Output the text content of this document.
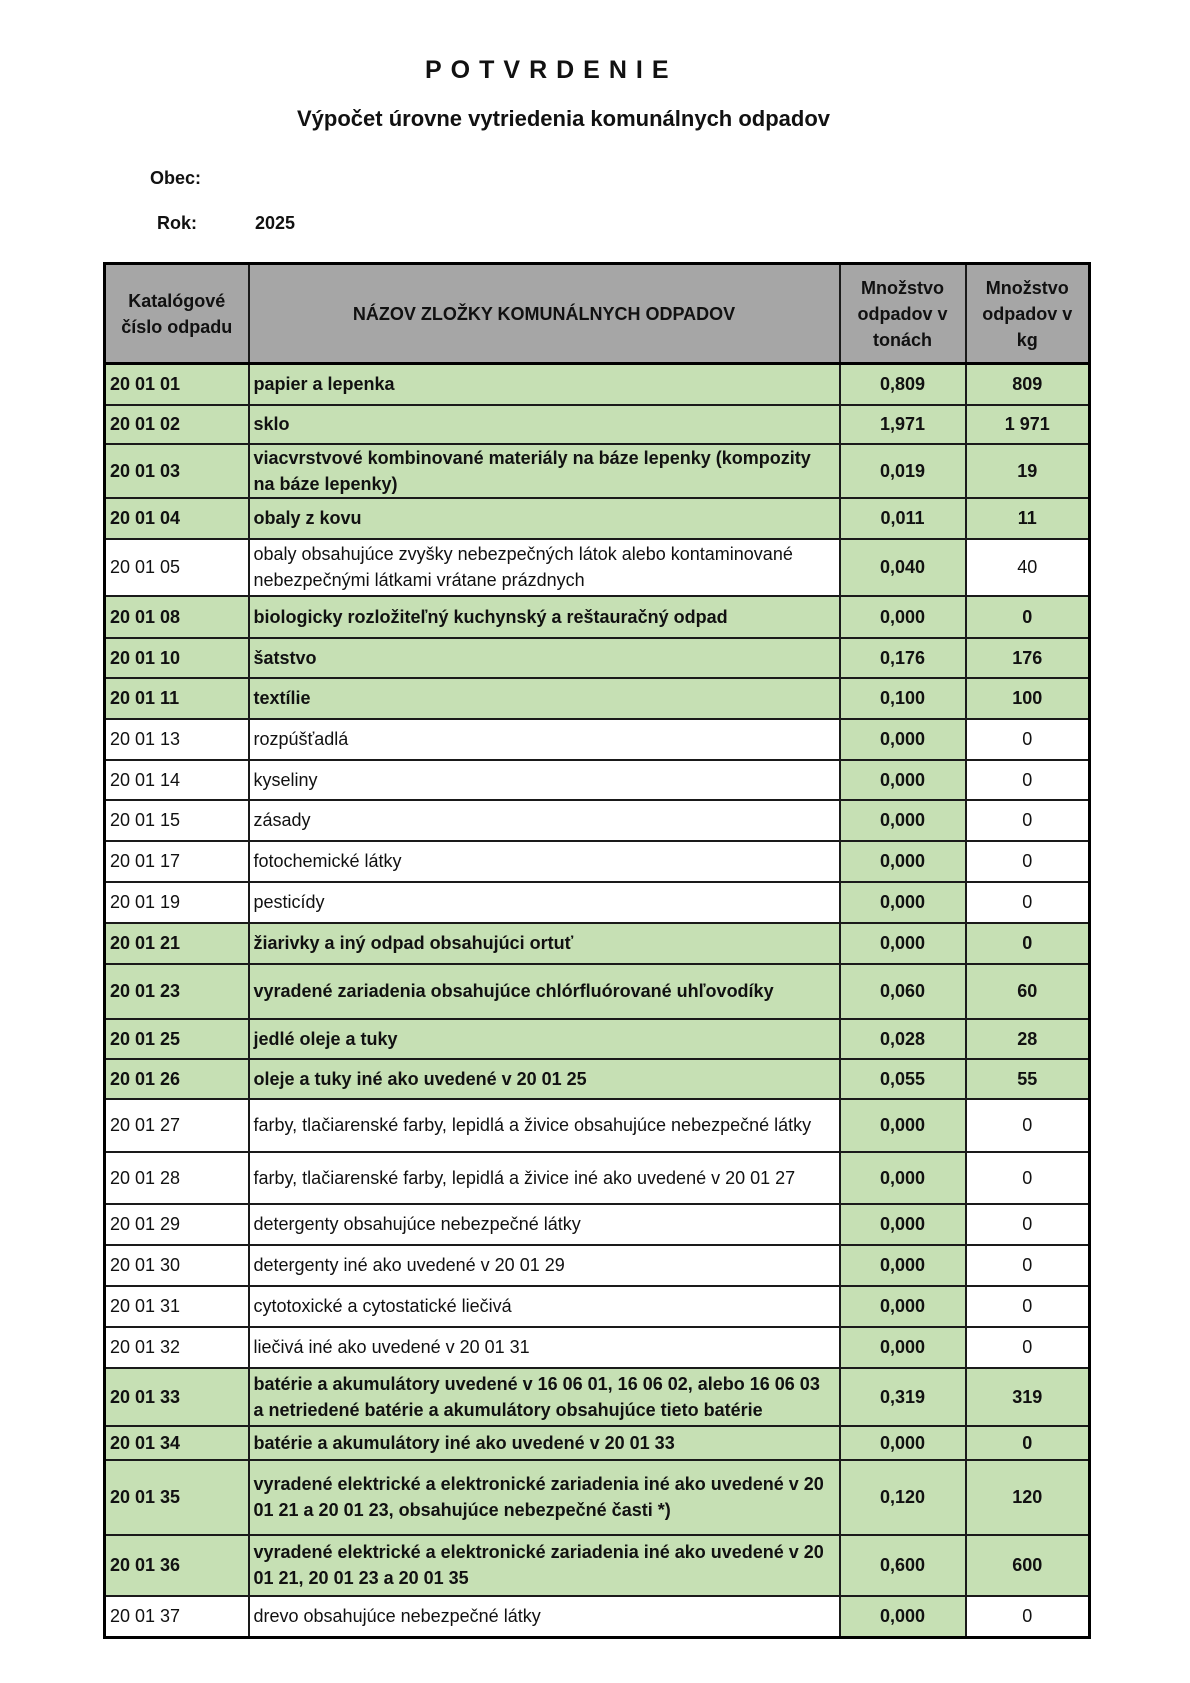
POTVRDENIE
Výpočet úrovne vytriedenia komunálnych odpadov
Obec:
Rok:	2025
Katalógové číslo odpadu	NÁZOV ZLOŽKY KOMUNÁLNYCH ODPADOV	Množstvo odpadov v tonách	Množstvo odpadov v kg
20 01 01	papier a lepenka	0,809	809
20 01 02	sklo	1,971	1 971
20 01 03	viacvrstvové kombinované materiály na báze lepenky (kompozity na báze lepenky)	0,019	19
20 01 04	obaly z kovu	0,011	11
20 01 05	obaly obsahujúce zvyšky nebezpečných látok alebo kontaminované nebezpečnými látkami vrátane prázdnych	0,040	40
20 01 08	biologicky rozložiteľný kuchynský a reštauračný odpad	0,000	0
20 01 10	šatstvo	0,176	176
20 01 11	textílie	0,100	100
20 01 13	rozpúšťadlá	0,000	0
20 01 14	kyseliny	0,000	0
20 01 15	zásady	0,000	0
20 01 17	fotochemické látky	0,000	0
20 01 19	pesticídy	0,000	0
20 01 21	žiarivky a iný odpad obsahujúci ortuť	0,000	0
20 01 23	vyradené zariadenia obsahujúce chlórfluórované uhľovodíky	0,060	60
20 01 25	jedlé oleje a tuky	0,028	28
20 01 26	oleje a tuky iné ako uvedené v 20 01 25	0,055	55
20 01 27	farby, tlačiarenské farby, lepidlá a živice obsahujúce nebezpečné látky	0,000	0
20 01 28	farby, tlačiarenské farby, lepidlá a živice iné ako uvedené v 20 01 27	0,000	0
20 01 29	detergenty obsahujúce nebezpečné látky	0,000	0
20 01 30	detergenty iné ako uvedené v 20 01 29	0,000	0
20 01 31	cytotoxické a cytostatické liečivá	0,000	0
20 01 32	liečivá iné ako uvedené v 20 01 31	0,000	0
20 01 33	batérie a akumulátory uvedené v 16 06 01, 16 06 02, alebo 16 06 03 a netriedené batérie a akumulátory obsahujúce tieto batérie	0,319	319
20 01 34	batérie a akumulátory iné ako uvedené v 20 01 33	0,000	0
20 01 35	vyradené elektrické a elektronické zariadenia iné ako uvedené v 20 01 21 a 20 01 23, obsahujúce nebezpečné časti *)	0,120	120
20 01 36	vyradené elektrické a elektronické zariadenia iné ako uvedené v 20 01 21, 20 01 23 a 20 01 35	0,600	600
20 01 37	drevo obsahujúce nebezpečné látky	0,000	0
